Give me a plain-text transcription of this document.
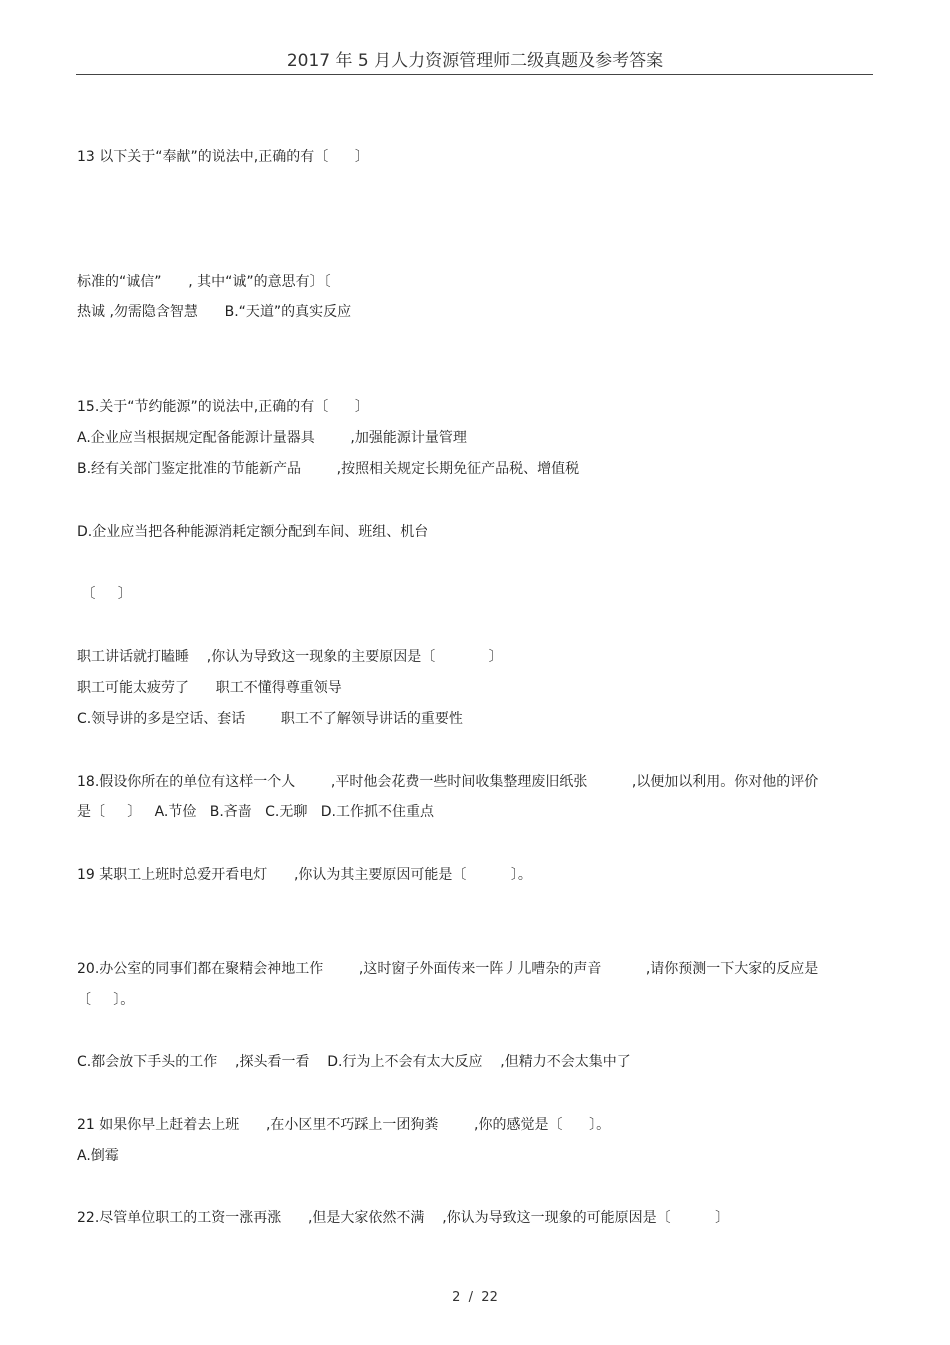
2017 年 5 月人力资源管理师二级真题及参考答案
13 以下关于“奉献”的说法中,正确的有〔      〕
标准的“诚信”      , 其中“诚”的意思有〕〔
热诚 ,勿需隐含智慧      B.“天道”的真实反应
15.关于“节约能源”的说法中,正确的有〔      〕
A.企业应当根据规定配备能源计量器具        ,加强能源计量管理
B.经有关部门鉴定批准的节能新产品        ,按照相关规定长期免征产品税、增值税
D.企业应当把各种能源消耗定额分配到车间、班组、机台
〔     〕
职工讲话就打瞌睡    ,你认为导致这一现象的主要原因是〔            〕
职工可能太疲劳了      职工不懂得尊重领导
C.领导讲的多是空话、套话        职工不了解领导讲话的重要性
18.假设你所在的单位有这样一个人        ,平时他会花费一些时间收集整理废旧纸张          ,以便加以利用。你对他的评价
是〔     〕   A.节俭   B.吝啬   C.无聊   D.工作抓不住重点
19 某职工上班时总爱开看电灯      ,你认为其主要原因可能是〔          〕。
20.办公室的同事们都在聚精会神地工作        ,这时窗子外面传来一阵丿儿嘈杂的声音          ,请你预测一下大家的反应是
〔     〕。
C.都会放下手头的工作    ,探头看一看    D.行为上不会有太大反应    ,但精力不会太集中了
21 如果你早上赶着去上班      ,在小区里不巧踩上一团狗粪        ,你的感觉是〔      〕。
A.倒霉
22.尽管单位职工的工资一涨再涨      ,但是大家依然不满    ,你认为导致这一现象的可能原因是〔          〕
2  /  22
